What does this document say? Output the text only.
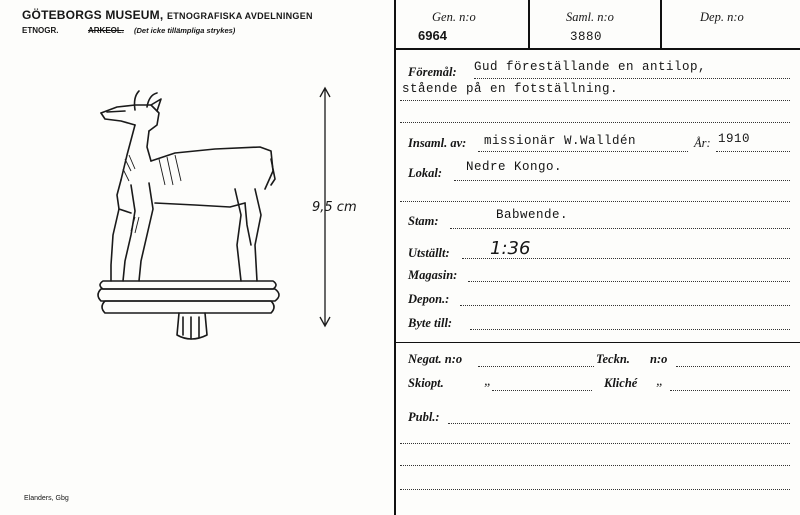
GÖTEBORGS MUSEUM, ETNOGRAFISKA AVDELNINGEN
ETNOGR.	ARKEOL. (Det icke tillämpliga strykes)
9,5 cm
Elanders, Gbg
Gen. n:o
6964
Saml. n:o
3880
Dep. n:o
Föremål: Gud föreställande en antilop,
stående på en fotställning.
Insaml. av: missionär W.Walldén	År: 1910
Lokal: Nedre Kongo.
Stam:	Babwende.
Utställt: 1:36
Magasin:
Depon.:
Byte till:
Negat. n:o	Teckn. n:o
Skiopt.	„	Kliché „
Publ.:
